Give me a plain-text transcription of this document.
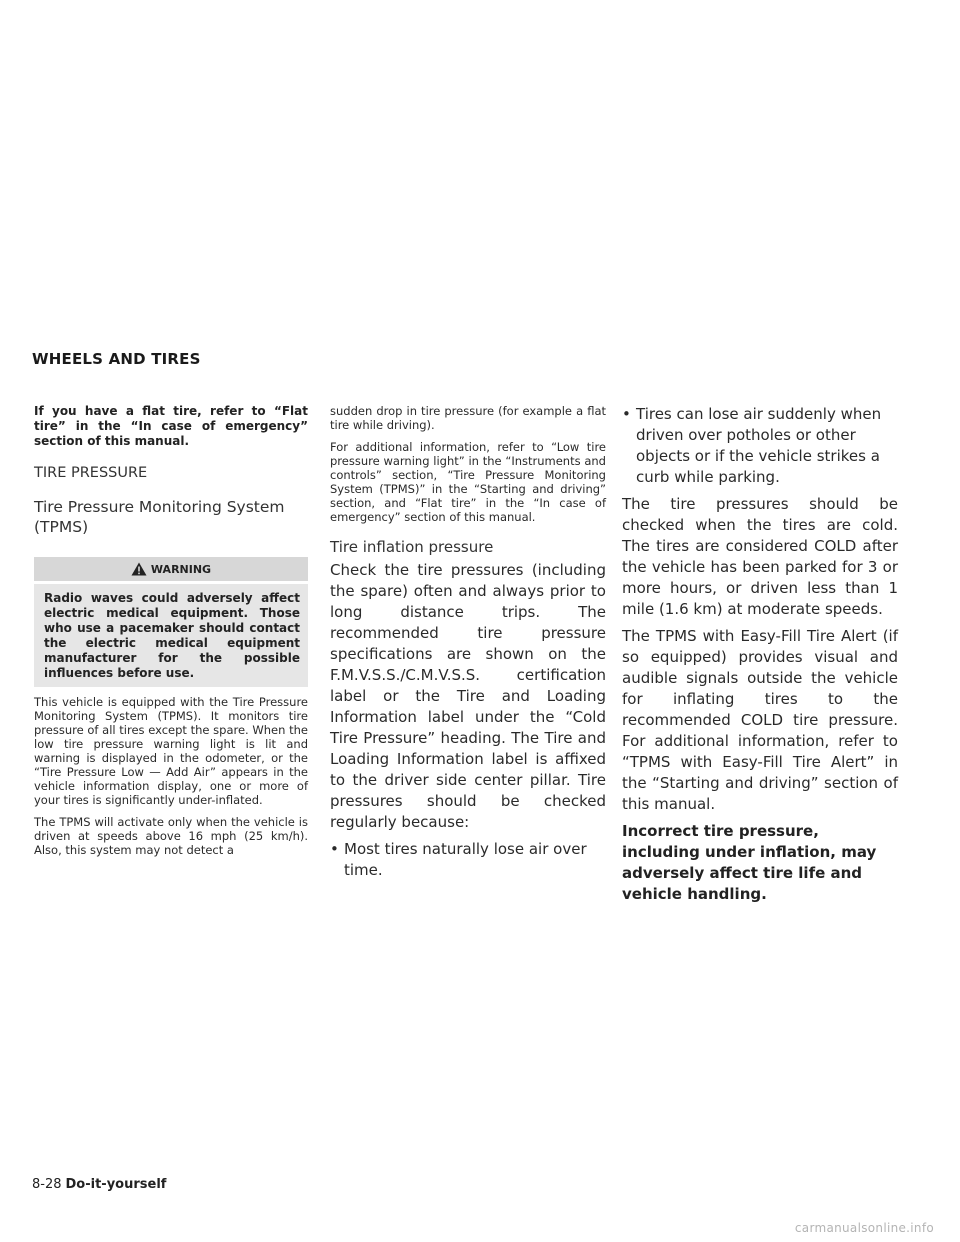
WHEELS AND TIRES

If you have a flat tire, refer to “Flat tire” in the “In case of emergency” section of this manual.

TIRE PRESSURE
Tire Pressure Monitoring System (TPMS)
WARNING
Radio waves could adversely affect electric medical equipment. Those who use a pacemaker should contact the electric medical equipment manufacturer for the possible influences before use.

This vehicle is equipped with the Tire Pressure Monitoring System (TPMS). It monitors tire pressure of all tires except the spare. When the low tire pressure warning light is lit and warning is displayed in the odometer, or the “Tire Pressure Low — Add Air” appears in the vehicle information display, one or more of your tires is significantly under-inflated.

The TPMS will activate only when the vehicle is driven at speeds above 16 mph (25 km/h). Also, this system may not detect a

sudden drop in tire pressure (for example a flat tire while driving).

For additional information, refer to “Low tire pressure warning light” in the “Instruments and controls” section, “Tire Pressure Monitoring System (TPMS)” in the “Starting and driving” section, and “Flat tire” in the “In case of emergency” section of this manual.

Tire inflation pressure

Check the tire pressures (including the spare) often and always prior to long distance trips. The recommended tire pressure specifications are shown on the F.M.V.S.S./C.M.V.S.S. certification label or the Tire and Loading Information label under the “Cold Tire Pressure” heading. The Tire and Loading Information label is affixed to the driver side center pillar. Tire pressures should be checked regularly because:

• Most tires naturally lose air over time.
• Tires can lose air suddenly when driven over potholes or other objects or if the vehicle strikes a curb while parking.

The tire pressures should be checked when the tires are cold. The tires are considered COLD after the vehicle has been parked for 3 or more hours, or driven less than 1 mile (1.6 km) at moderate speeds.

The TPMS with Easy-Fill Tire Alert (if so equipped) provides visual and audible signals outside the vehicle for inflating tires to the recommended COLD tire pressure. For additional information, refer to “TPMS with Easy-Fill Tire Alert” in the “Starting and driving” section of this manual.

Incorrect tire pressure, including under inflation, may adversely affect tire life and vehicle handling.

8-28 Do-it-yourself
carmanualsonline.info
